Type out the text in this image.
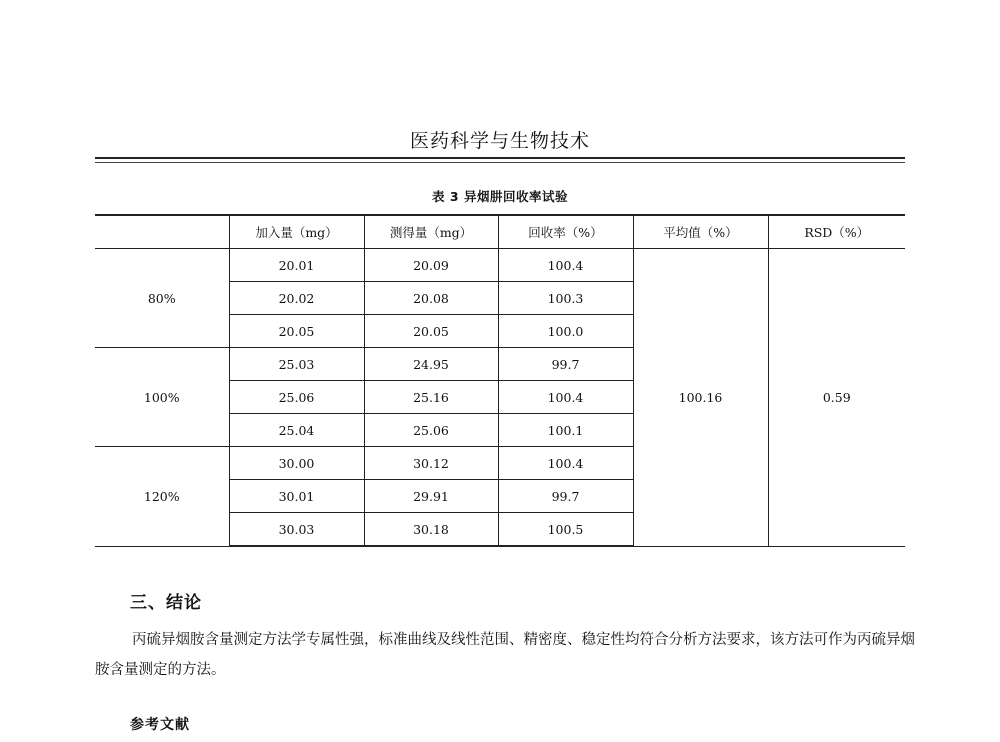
医药科学与生物技术
表 3 异烟肼回收率试验
	加入量（mg）	测得量（mg）	回收率（%）	平均值（%）	RSD（%）
80%	20.01	20.09	100.4	100.16	0.59
	20.02	20.08	100.3		
	20.05	20.05	100.0		
100%	25.03	24.95	99.7		
	25.06	25.16	100.4		
	25.04	25.06	100.1		
120%	30.00	30.12	100.4		
	30.01	29.91	99.7		
	30.03	30.18	100.5		
三、结论
丙硫异烟胺含量测定方法学专属性强，标准曲线及线性范围、精密度、稳定性均符合分析方法要求，该方法可作为丙硫异烟胺含量测定的方法。
参考文献
